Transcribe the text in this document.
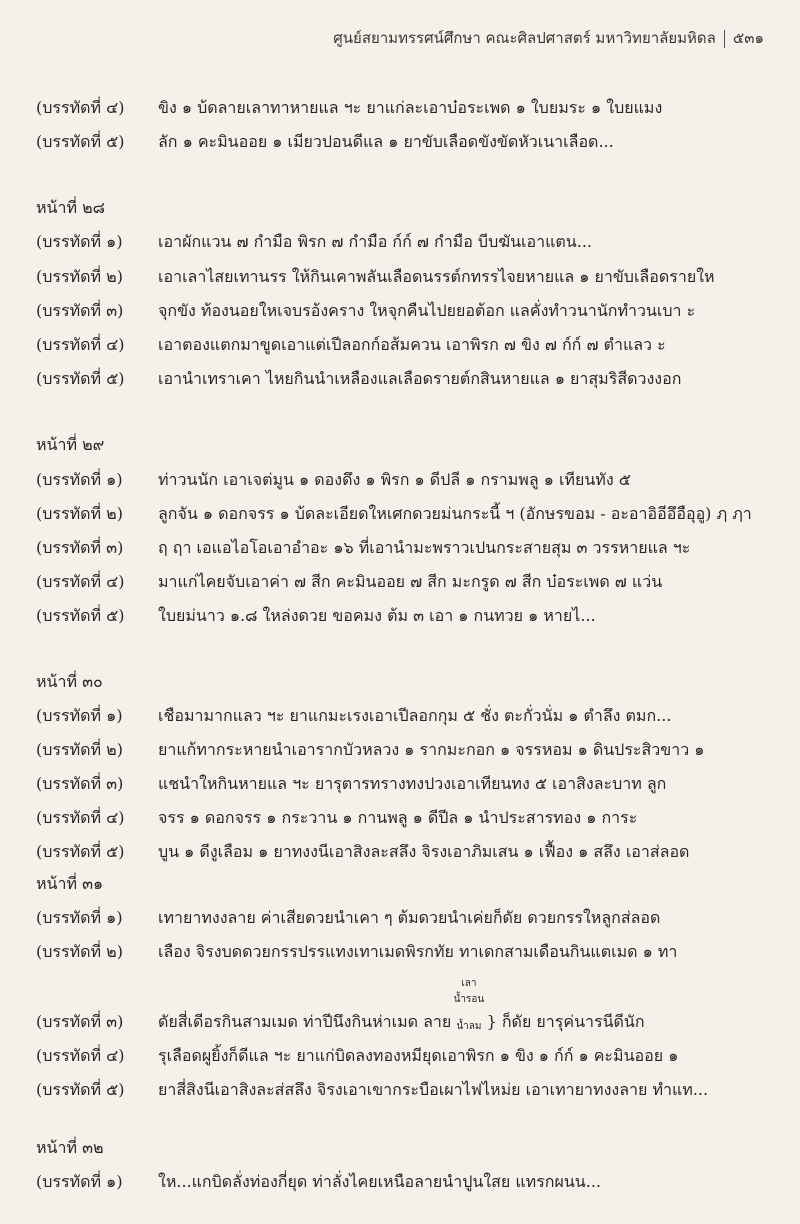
ศูนย์สยามทรรศน์ศึกษา คณะศิลปศาสตร์ มหาวิทยาลัยมหิดล ๕๓๑
(บรรทัดที่ ๔) ขิง ๑ บ้ดลายเลาทาหายแล ฯะ ยาแก่ละเอาบ๋อระเพด ๑ ใบยมระ ๑ ใบยแมง
(บรรทัดที่ ๕) ลัก ๑ คะมินออย ๑ เมียวปอนดีแล ๑ ยาขับเลือดขังขัดหัวเนาเลือด...
หน้าที่ ๒๘
(บรรทัดที่ ๑) เอาผักแวน ๗ กำมือ พิรก ๗ กำมือ ก์ก์ ๗ กำมือ บีบฆันเอาแตน...
(บรรทัดที่ ๒) เอาเลาไสยเทานรร ให้กินเคาพลันเลือดนรรต์กทรรไจยหายแล ๑ ยาขับเลือดรายให
(บรรทัดที่ ๓) จุกขัง ท้องนอยใหเจบรอ้งคราง ใหจุกคืนไปยยอต้อก แลคั่งทําวนานักทําวนเบา ะ
(บรรทัดที่ ๔) เอาตองแตกมาขูดเอาแต่เปีลอกก์อส้มควน เอาพิรก ๗ ขิง ๗ ก์ก์ ๗ ตำแลว ะ
(บรรทัดที่ ๕) เอานำเทราเคา ไหยกินนำเหลืองแลเลือดรายต์กสินหายแล ๑ ยาสุมริสีดวงงอก
หน้าที่ ๒๙
(บรรทัดที่ ๑) ท่าวนนัก เอาเจต่มูน ๑ ดองดึง ๑ พิรก ๑ ดีปลี ๑ กรามพลู ๑ เทียนทัง ๕
(บรรทัดที่ ๒) ลูกจัน ๑ ดอกจรร ๑ บ้ดละเอียดใหเศกดวยม่นกระนี้ ฯ (อักษรขอม - อะอาอิอีอึอือุอู) ฦ ฦา
(บรรทัดที่ ๓) ฤ ฤา เอแอไอโอเอาอำอะ ๑๖ ที่เอานำมะพราวเปนกระสายสุม ๓ วรรหายแล ฯะ
(บรรทัดที่ ๔) มาแก่ไคยจับเอาค่า ๗ สีก คะมินออย ๗ สีก มะกรูด ๗ สีก บ๋อระเพด ๗ แว่น
(บรรทัดที่ ๕) ใบยม่นาว ๑.๘ ใหล่งดวย ขอคมง ต้ม ๓ เอา ๑ กนทวย ๑ หายไ...
หน้าที่ ๓๐
(บรรทัดที่ ๑) เชือมามากแลว ฯะ ยาแกมะเรงเอาเปีลอกกุม ๕ ชั่ง ตะกั่วนั่ม ๑ ตำลึง ตมก...
(บรรทัดที่ ๒) ยาแก้ทากระหายนำเอารากบัวหลวง ๑ รากมะกอก ๑ จรรหอม ๑ ดินประสิวขาว ๑
(บรรทัดที่ ๓) แชนำใหกินหายแล ฯะ ยารุตารทรางทงปวงเอาเทียนทง ๕ เอาสิงละบาท ลูก
(บรรทัดที่ ๔) จรร ๑ ดอกจรร ๑ กระวาน ๑ กานพลู ๑ ดีปีล ๑ นำประสารทอง ๑ การะ
(บรรทัดที่ ๕) บูน ๑ ดีงูเลือม ๑ ยาทงงนีเอาสิงละสลึง จิรงเอาภิมเสน ๑ เฟื้อง ๑ สลึง เอาส่ลอด
หน้าที่ ๓๑
(บรรทัดที่ ๑) เทายาทงงลาย ค่าเสียดวยนำเคา ๆ ต้มดวยนำเค่ยก็ดัย ดวยกรรใหลูกส่ลอด
(บรรทัดที่ ๒) เลือง จิรงบดดวยกรรปรรแทงเทาเมดพิรกทัย ทาเดกสามเดือนกินแตเมด ๑ ทา
(บรรทัดที่ ๓) ดัยสี่เดีอรกินสามเมด ท่าปีนึงกินห่าเมด ลาย
เลา
น้ำรอน
น้ำลม } ก็ดัย ยารุค่นารนีดีนัก
(บรรทัดที่ ๔) รุเลือดผูยิ้งก็ดีแล ฯะ ยาแก่บิดลงทองหมียุดเอาพิรก ๑ ขิง ๑ ก์ก์ ๑ คะมินออย ๑
(บรรทัดที่ ๕) ยาสี่สิงนีเอาสิงละส่สลึง จิรงเอาเขากระบือเผาไฟไหม่ย เอาเทายาทงงลาย ทำแท...
หน้าที่ ๓๒
(บรรทัดที่ ๑) ให...แกบิดลั่งท่องกี่ยุด ท่าลั่งไคยเหนือลายนำปูนใสย แทรกผนน...
